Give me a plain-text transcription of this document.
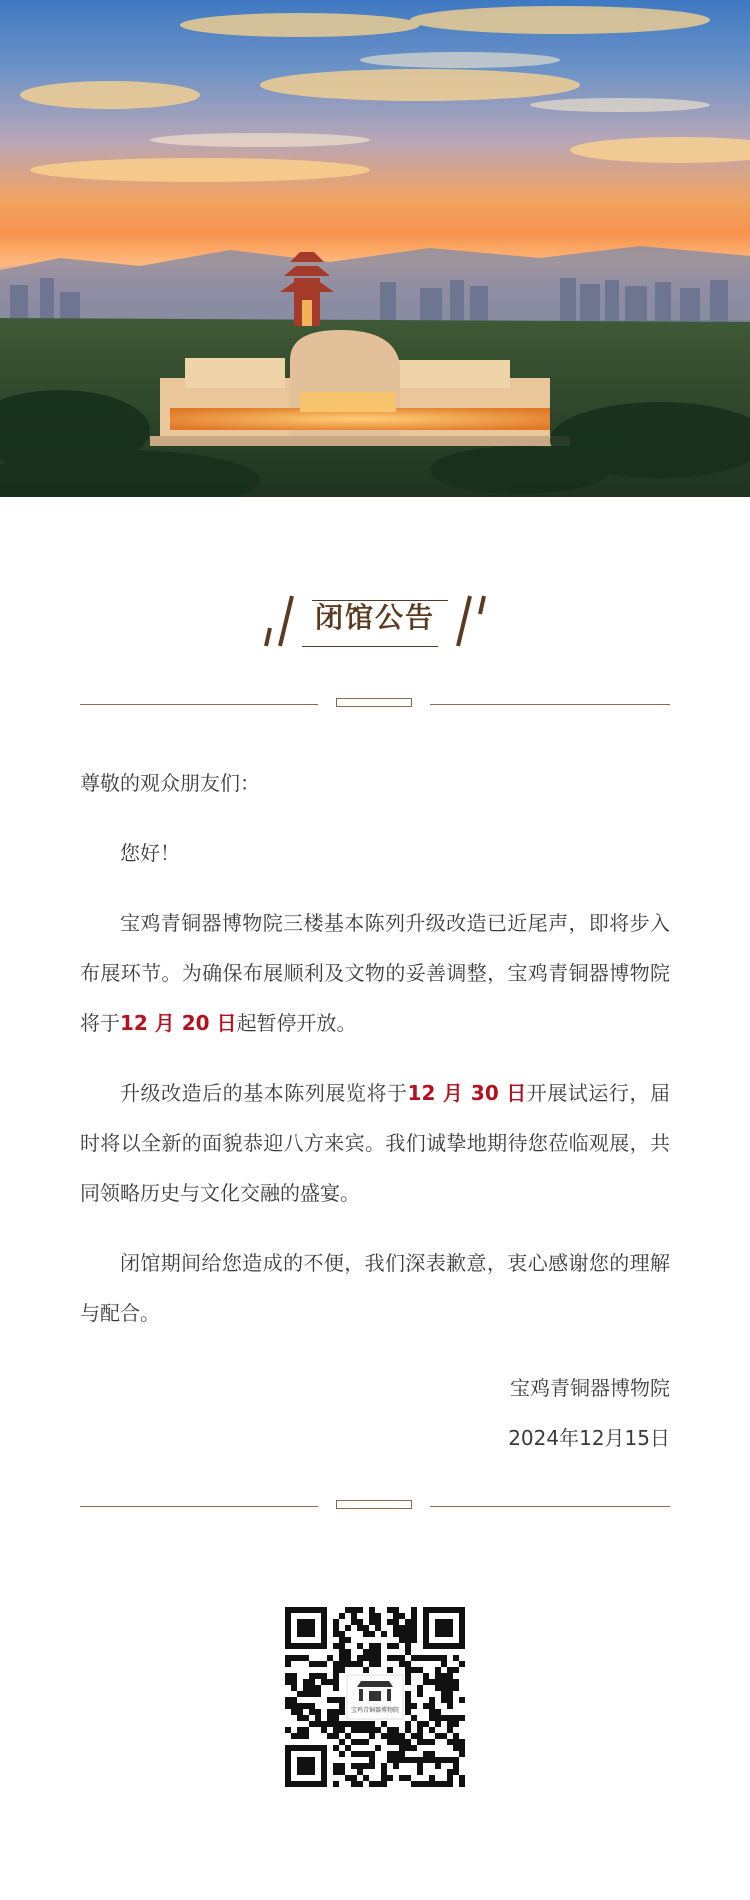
闭馆公告

尊敬的观众朋友们：

您好！

宝鸡青铜器博物院三楼基本陈列升级改造已近尾声，即将步入布展环节。为确保布展顺利及文物的妥善调整，宝鸡青铜器博物院将于12 月 20 日起暂停开放。

升级改造后的基本陈列展览将于12 月 30 日开展试运行，届时将以全新的面貌恭迎八方来宾。我们诚挚地期待您莅临观展，共同领略历史与文化交融的盛宴。

闭馆期间给您造成的不便，我们深表歉意，衷心感谢您的理解与配合。

宝鸡青铜器博物院
2024年12月15日
宝鸡青铜器博物院
